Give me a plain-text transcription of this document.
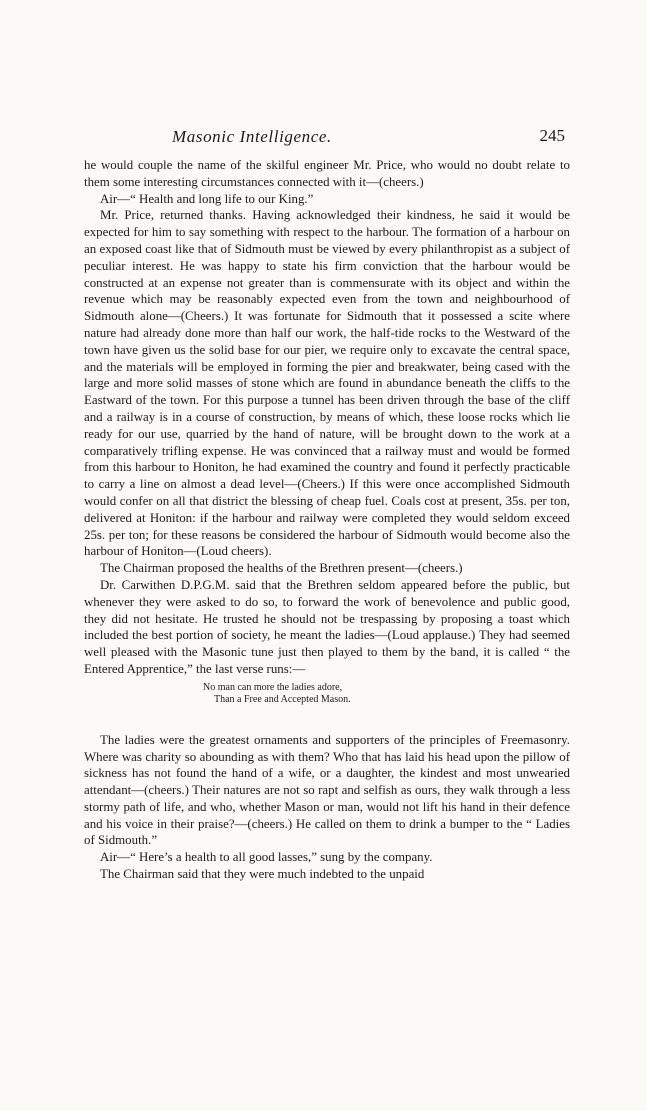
Masonic Intelligence.	245

he would couple the name of the skilful engineer Mr. Price, who would no doubt relate to them some interesting circumstances connected with it—(cheers.)

Air—“ Health and long life to our King.”

Mr. Price, returned thanks. Having acknowledged their kindness, he said it would be expected for him to say something with respect to the harbour. The formation of a harbour on an exposed coast like that of Sidmouth must be viewed by every philanthropist as a subject of peculiar interest. He was happy to state his firm conviction that the harbour would be constructed at an expense not greater than is commensurate with its object and within the revenue which may be reasonably expected even from the town and neighbourhood of Sidmouth alone—(Cheers.) It was fortunate for Sidmouth that it possessed a scite where nature had already done more than half our work, the half-tide rocks to the Westward of the town have given us the solid base for our pier, we require only to excavate the central space, and the materials will be employed in forming the pier and breakwater, being cased with the large and more solid masses of stone which are found in abundance beneath the cliffs to the Eastward of the town. For this purpose a tunnel has been driven through the base of the cliff and a railway is in a course of construction, by means of which, these loose rocks which lie ready for our use, quarried by the hand of nature, will be brought down to the work at a comparatively trifling expense. He was convinced that a railway must and would be formed from this harbour to Honiton, he had examined the country and found it perfectly practicable to carry a line on almost a dead level—(Cheers.) If this were once accomplished Sidmouth would confer on all that district the blessing of cheap fuel. Coals cost at present, 35s. per ton, delivered at Honiton: if the harbour and railway were completed they would seldom exceed 25s. per ton; for these reasons be considered the harbour of Sidmouth would become also the harbour of Honiton—(Loud cheers).

The Chairman proposed the healths of the Brethren present—(cheers.)

Dr. Carwithen D.P.G.M. said that the Brethren seldom appeared before the public, but whenever they were asked to do so, to forward the work of benevolence and public good, they did not hesitate. He trusted he should not be trespassing by proposing a toast which included the best portion of society, he meant the ladies—(Loud applause.) They had seemed well pleased with the Masonic tune just then played to them by the band, it is called “ the Entered Apprentice,” the last verse runs:—

No man can more the ladies adore,
Than a Free and Accepted Mason.

The ladies were the greatest ornaments and supporters of the principles of Freemasonry. Where was charity so abounding as with them? Who that has laid his head upon the pillow of sickness has not found the hand of a wife, or a daughter, the kindest and most unwearied attendant—(cheers.) Their natures are not so rapt and selfish as ours, they walk through a less stormy path of life, and who, whether Mason or man, would not lift his hand in their defence and his voice in their praise?—(cheers.) He called on them to drink a bumper to the “ Ladies of Sidmouth.”

Air—“ Here’s a health to all good lasses,” sung by the company.

The Chairman said that they were much indebted to the unpaid
